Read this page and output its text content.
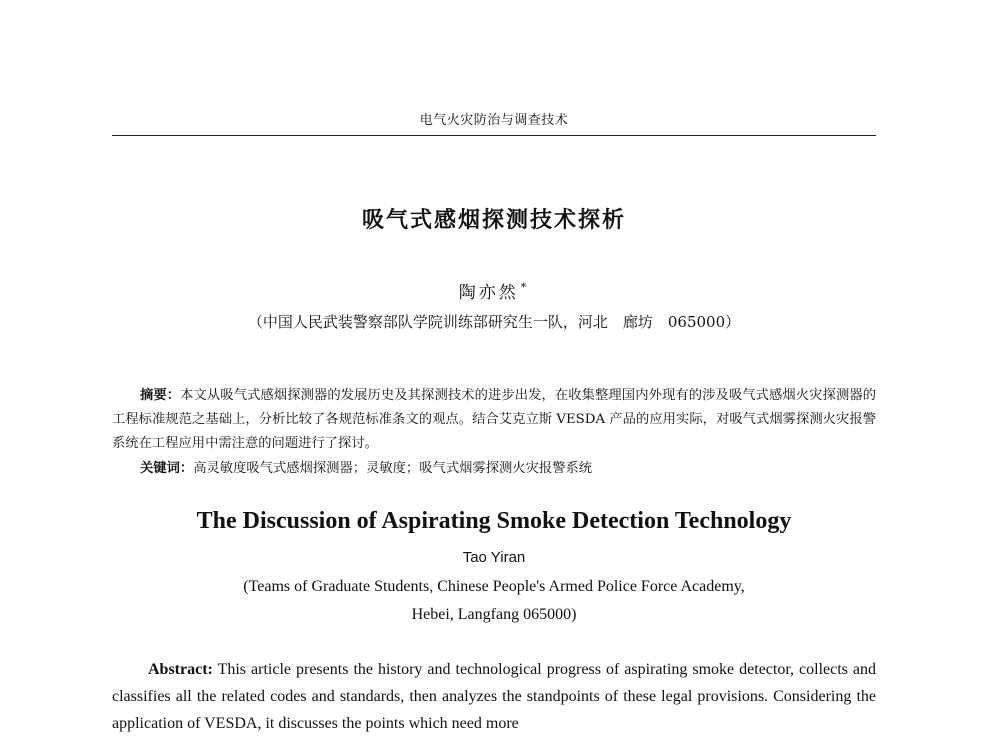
电气火灾防治与调查技术
吸气式感烟探测技术探析
陶亦然 *
（中国人民武装警察部队学院训练部研究生一队，河北　廊坊　065000）

摘要：本文从吸气式感烟探测器的发展历史及其探测技术的进步出发，在收集整理国内外现有的涉及吸气式感烟火灾探测器的工程标准规范之基础上，分析比较了各规范标准条文的观点。结合艾克立斯 VESDA 产品的应用实际，对吸气式烟雾探测火灾报警系统在工程应用中需注意的问题进行了探讨。

关键词：高灵敏度吸气式感烟探测器；灵敏度；吸气式烟雾探测火灾报警系统

The Discussion of Aspirating Smoke Detection Technology
Tao Yiran
(Teams of Graduate Students, Chinese People's Armed Police Force Academy,
Hebei, Langfang 065000)

Abstract: This article presents the history and technological progress of aspirating smoke detector, collects and classifies all the related codes and standards, then analyzes the standpoints of these legal provisions. Considering the application of VESDA, it discusses the points which need more
